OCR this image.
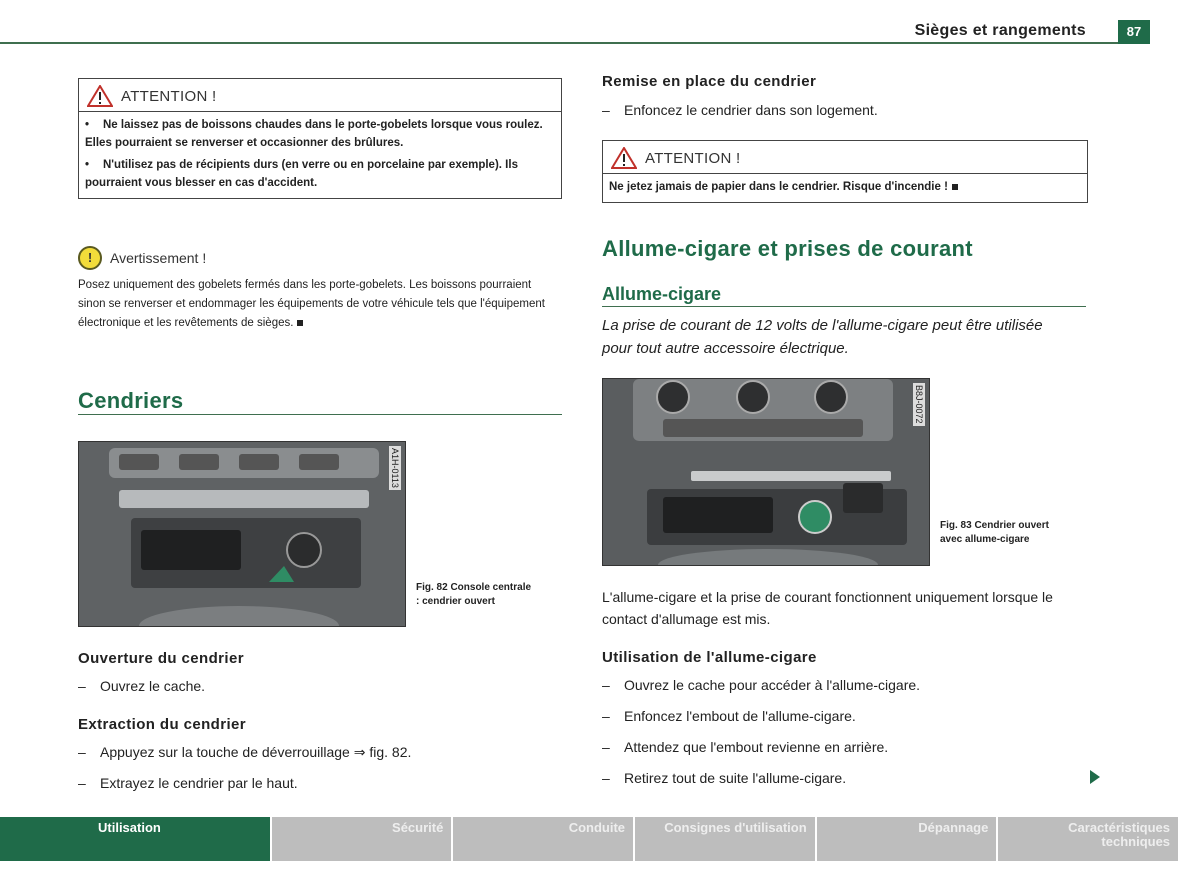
Sièges et rangements	87
ATTENTION !

• Ne laissez pas de boissons chaudes dans le porte-gobelets lorsque vous roulez. Elles pourraient se renverser et occasionner des brûlures.

• N'utilisez pas de récipients durs (en verre ou en porcelaine par exemple). Ils pourraient vous blesser en cas d'accident.

!	Avertissement !
Posez uniquement des gobelets fermés dans les porte-gobelets. Les boissons pourraient sinon se renverser et endommager les équipements de votre véhicule tels que l'équipement électronique et les revêtements de sièges.
Cendriers
A1H-0113
Fig. 82 Console centrale : cendrier ouvert
Ouverture du cendrier
– Ouvrez le cache.
Extraction du cendrier
– Appuyez sur la touche de déverrouillage ⇒ fig. 82.
– Extrayez le cendrier par le haut.
Remise en place du cendrier
– Enfoncez le cendrier dans son logement.
ATTENTION !

Ne jetez jamais de papier dans le cendrier. Risque d'incendie !

Allume-cigare et prises de courant
Allume-cigare
La prise de courant de 12 volts de l'allume-cigare peut être utilisée pour tout autre accessoire électrique.
B8J-0072
Fig. 83 Cendrier ouvert avec allume-cigare
L'allume-cigare et la prise de courant fonctionnent uniquement lorsque le contact d'allumage est mis.
Utilisation de l'allume-cigare
– Ouvrez le cache pour accéder à l'allume-cigare.
– Enfoncez l'embout de l'allume-cigare.
– Attendez que l'embout revienne en arrière.
– Retirez tout de suite l'allume-cigare.
Utilisation	Sécurité	Conduite	Consignes d'utilisation	Dépannage	Caractéristiques techniques
